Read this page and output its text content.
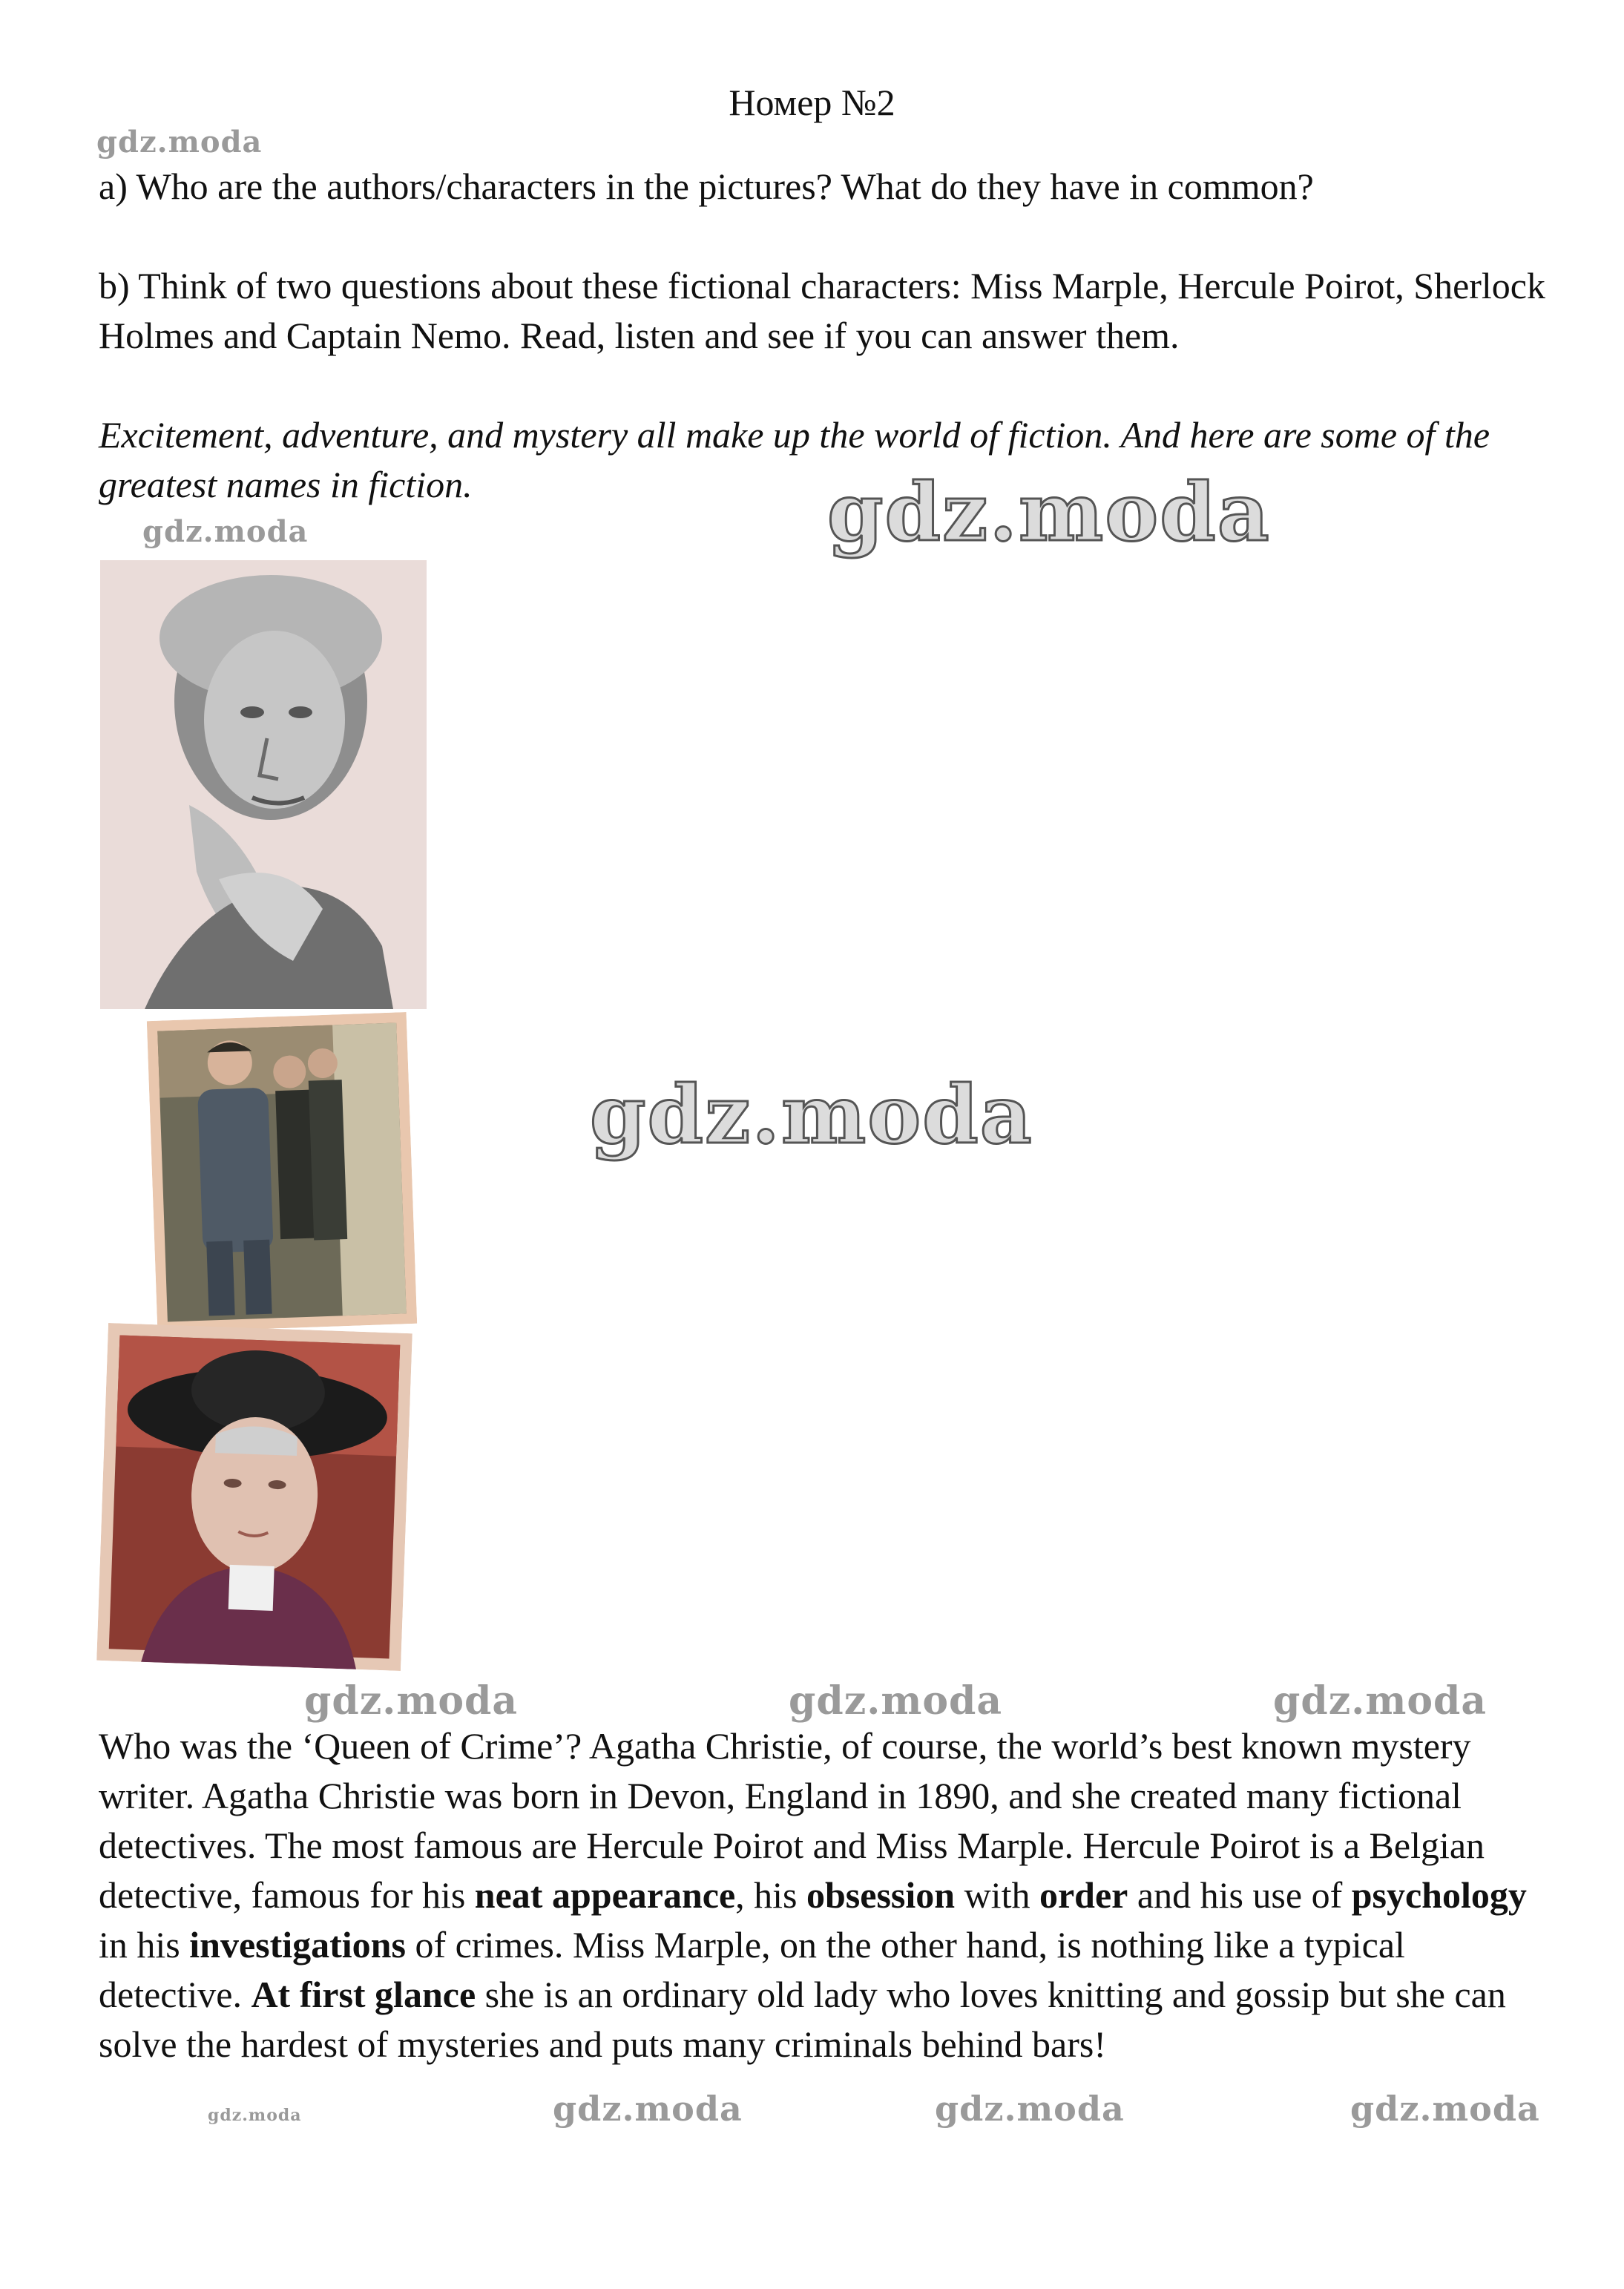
Номер №2
gdz.moda
a) Who are the authors/characters in the pictures? What do they have in common?
b) Think of two questions about these fictional characters: Miss Marple, Hercule Poirot, Sherlock Holmes and Captain Nemo. Read, listen and see if you can answer them.
Excitement, adventure, and mystery all make up the world of fiction. And here are some of the greatest names in fiction.
gdz.moda	gdz.moda
gdz.moda
gdz.moda	gdz.moda	gdz.moda
Who was the ‘Queen of Crime’? Agatha Christie, of course, the world’s best known mystery writer. Agatha Christie was born in Devon, England in 1890, and she created many fictional detectives. The most famous are Hercule Poirot and Miss Marple. Hercule Poirot is a Belgian detective, famous for his neat appearance, his obsession with order and his use of psychology in his investigations of crimes. Miss Marple, on the other hand, is nothing like a typical detective. At first glance she is an ordinary old lady who loves knitting and gossip but she can solve the hardest of mysteries and puts many criminals behind bars!
gdz.moda	gdz.moda	gdz.moda
gdz.moda
